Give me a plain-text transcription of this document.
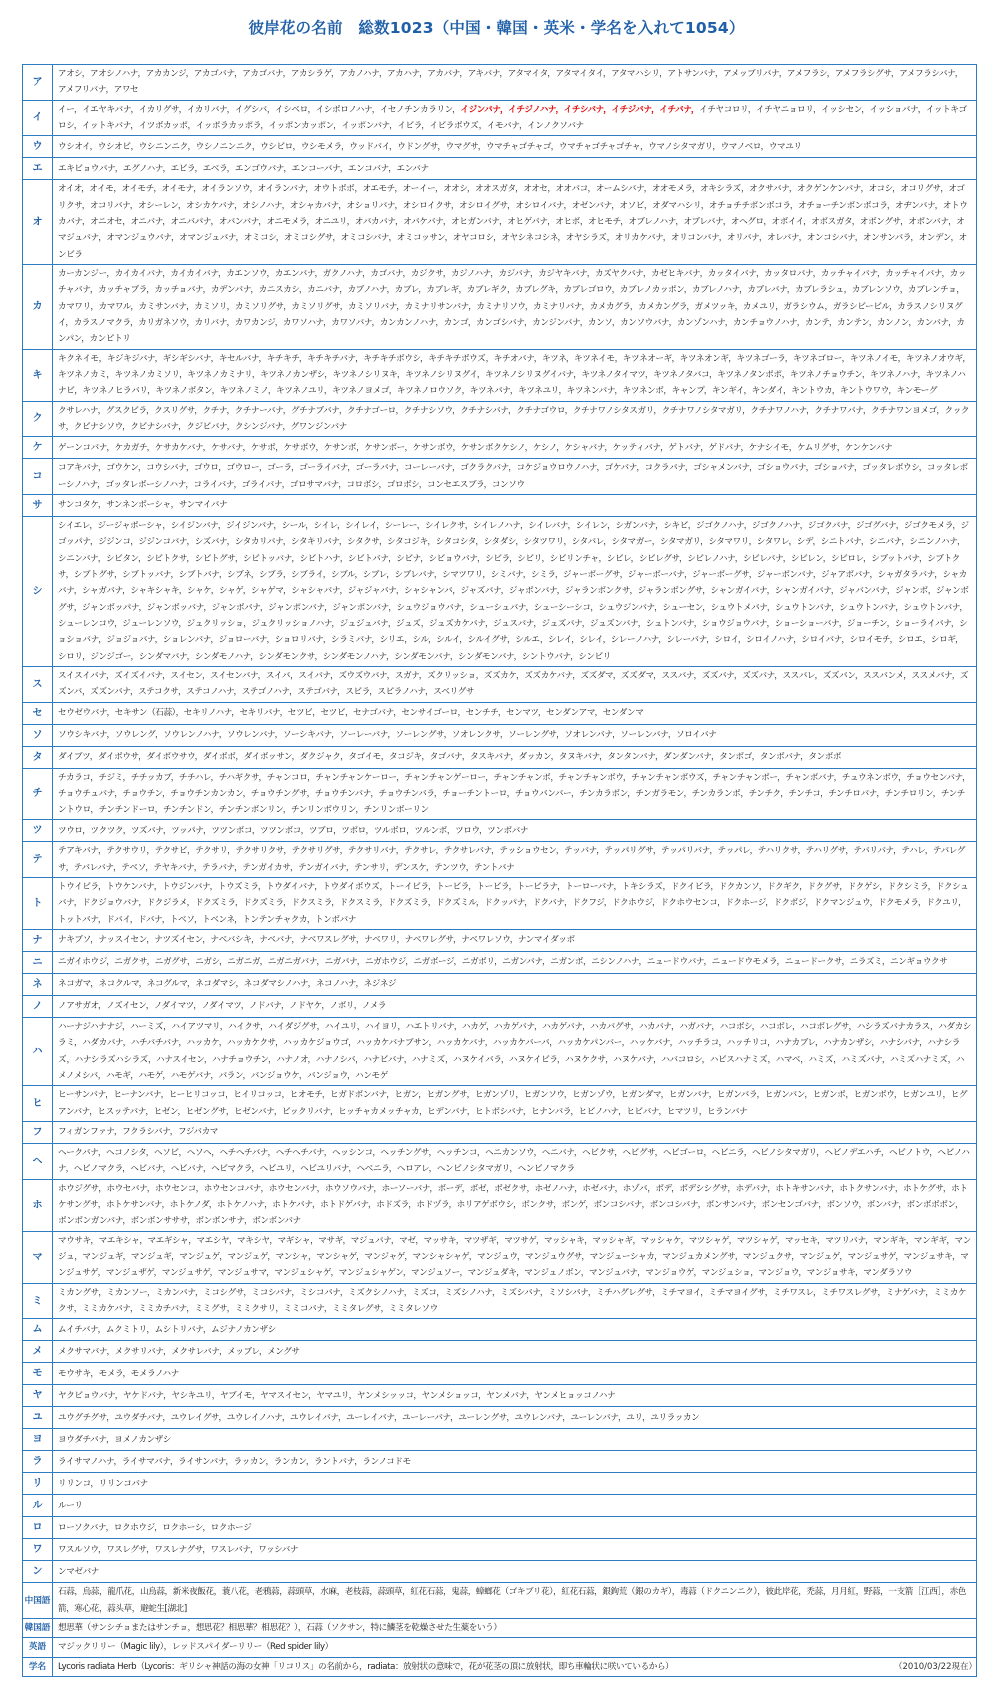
彼岸花の名前　総数1023（中国・韓国・英米・学名を入れて1054）
ア	アオシ，アオシノハナ，アカカンジ，アカゴバナ，アカゴバナ，アカシラゲ，アカノハナ，アカハナ，アカバナ，アキバナ，アタマイタ，アタマイタイ，アタマハシリ，アトサンバナ，アメッブリバナ，アメフラシ，アメフラシグサ，アメフラシバナ，アメフリバナ，アワセ
イ	イー，イエヤキバナ，イカリグサ，イカリバナ，イグシバ，イシベロ，イシボロノハナ，イセノチンカラリン，イジンバナ，イチジノハナ，イチシバナ，イチジバナ，イチバナ，イチヤコロリ，イチヤニョロリ，イッシセン，イッショバナ，イットキゴロシ，イットキバナ，イツボカッポ，イッポラカッポラ，イッポンカッポン，イッポンバナ，イビラ，イビラボウズ，イモバナ，インノクソバナ
ウ	ウシオイ，ウシオビ，ウシニンニク，ウシノニンニク，ウシビロ，ウシモメラ，ウッドバイ，ウドングサ，ウマグサ，ウマチャゴチャゴ，ウマチャゴチャゴチャ，ウマノシタマガリ，ウマノベロ，ウマユリ
エ	エキビョウバナ，エグノハナ，エビラ，エベラ，エンゴウバナ，エンコーバナ，エンコバナ，エンバナ
オ	オイオ，オイモ，オイモチ，オイモナ，オイランソウ，オイランバナ，オウトボボ，オエモチ，オーイー，オオシ，オオスガタ，オオセ，オオバコ，オームシバナ，オオモメラ，オキシラズ，オクサバナ，オクゲンケンバナ，オコシ，オコリグサ，オゴリクサ，オコリバナ，オシーレン，オシカケバナ，オシノハナ，オシャカバナ，オショリバナ，オシロイクサ，オシロイグサ，オシロイバナ，オゼンバナ，オソビ，オダマハシリ，オチョチチボンボコラ，オチョーチンボンボコラ，オヂンバナ，オトウカバナ，オニオセ，オニバナ，オニバパナ，オバンバナ，オニモメラ，オニユリ，オバカバナ，オバケバナ，オヒガンバナ，オヒゲバナ，オヒボ，オヒモチ，オブレノハナ，オブレバナ，オヘグロ，オボイイ，オボスガタ，オボングサ，オボンバナ，オマジュバナ，オマンジュウバナ，オマンジュバナ，オミコシ，オミコシグサ，オミコシバナ，オミコッサン，オヤコロシ，オヤシネコシネ，オヤシラズ，オリカケバナ，オリコンバナ，オリバナ，オレバナ，オンコシバナ，オンサンバラ，オンデン，オンビラ
カ	カーカンジー，カイカイバナ，カイカイバナ，カエンソウ，カエンバナ，ガクノハナ，カゴバナ，カジクサ，カジノハナ，カジバナ，カジヤキバナ，カズヤクバナ，カゼヒキバナ，カッタイバナ，カッタロバナ，カッチャイバナ，カッチャイバナ，カッチャバナ，カッチャブラ，カッチョバナ，カデンバナ，カニスカシ，カニバナ，カブノハナ，カブレ，カブレギ，カブレギク，カブレグキ，カブレゴロウ，カブレノカッポン，カブレノハナ，カブレバナ，カブレラシュ，カブレンソウ，カブレンチョ，カマワリ，カマワル，カミサンバナ，カミソリ，カミソリグサ，カミソリグサ，カミソリバナ，カミナリサンバナ，カミナリソウ，カミナリバナ，カメカグラ，カメカングラ，ガメツッキ，カメユリ，ガラシウム，ガラシビービル，カラスノシリヌグイ，カラスノマクラ，カリガネソウ，カリバナ，カワカンジ，カワソハナ，カワソバナ，カンカンノハナ，カンゴ，カンゴシバナ，カンジンバナ，カンソ，カンソウバナ，カンゾンハナ，カンチョウノハナ，カンテ，カンテン，カンノン，カンバナ，カンパン，カンピトリ
キ	キクネイモ，キジキジバナ，ギシギシバナ，キセルバナ，キチキチ，キチキチバナ，キチキチボウシ，キチキチボウズ，キチオバナ，キツネ，キツネイモ，キツネオーギ，キツネオンギ，キツネゴーラ，キツネゴロー，キツネノイモ，キツネノオウギ，キツネノカミ，キツネノカミソリ，キツネノカミナリ，キツネノカンザシ，キツネノシリヌキ，キツネノシリヌグイ，キツネノシリヌグイバナ，キツネノタイマツ，キツネノタバコ，キツネノタンポポ，キツネノチョウチン，キツネノハナ，キツネノハナビ，キツネノヒラバリ，キツネノボタン，キツネノミノ，キツネノユリ，キツネノヨメゴ，キツネノロウソク，キツネバナ，キツネユリ，キツネンバナ，キツネンボ，キャンプ，キンギイ，キンダイ，キントウカ，キントウワウ，キンモーグ
ク	クサレハナ，グスクビラ，クスリグサ，クチナ，クチナーバナ，グチナブバナ，クチナゴーロ，クチナシソウ，クチナシバナ，クチナゴウロ，クチナワノシタスガリ，クチナワノシタマガリ，クチナワノハナ，クチナワバナ，クチナワンヨメゴ，クックサ，クビナシソウ，クビナシバナ，クジビバナ，クシンジバナ，グワンジンバナ
ケ	ゲーンコバナ，ケカガチ，ケサカケバナ，ケサバナ，ケサボ，ケサボウ，ケサンボ，ケサンボー，ケサンボウ，ケサンボクケシノ，ケシノ，ケシャバナ，ケッティバナ，ゲトバナ，ゲドバナ，ケナシイモ，ケムリグサ，ケンケンバナ
コ	コアキバナ，ゴウケン，コウシバナ，ゴウロ，ゴウロー，ゴーラ，ゴーライバナ，ゴーラバナ，コーレーバナ，ゴクラクバナ，コケジョウロウノハナ，ゴケバナ，コクラバナ，ゴシャメンバナ，ゴショウバナ，ゴショバナ，ゴッタレボウシ，コッタレボーシノハナ，ゴッタレボーシノハナ，コライバナ，ゴライバナ，ゴロサマバナ，コロボシ，ゴロボシ，コンセエスブラ，コンソウ
サ	サンコタケ，サンネンボーシャ，サンマイバナ
シ	シイエレ，ジージャボーシャ，シイジンバナ，ジイジンバナ，シール，シイレ，シイレイ，シーレー，シイレクサ，シイレノハナ，シイレバナ，シイレン，シガンバナ，シキビ，ジゴクノハナ，ジゴクノハナ，ジゴクバナ，ジゴグバナ，ジゴクモメラ，ジゴッパナ，ジジンコ，ジジンコバナ，シズバナ，シタカリバナ，シタキリバナ，シタクサ，シタコジキ，シタコシタ，シタダシ，シタツワリ，シタバレ，シタマガー，シタマガリ，シタマワリ，シタワレ，シデ，シニトバナ，シニバナ，シニンノハナ，シニンバナ，シビタン，シビトクサ，シビトグサ，シビトッバナ，シビトハナ，シビトバナ，シビナ，シビョウバナ，シビラ，シビリ，シビリンチャ，シビレ，シビレグサ，シビレノハナ，シビレバナ，シビレン，シビロレ，シブットバナ，シブトクサ，シブトグサ，シブトッバナ，シブトバナ，シブネ，シブラ，シブライ，シブル，シブレ，シブレバナ，シマツワリ，シミバナ，シミラ，ジャーボーグサ，ジャーボーバナ，ジャーボーグサ，ジャーボンバナ，ジャアボバナ，シャガタラバナ，シャカバナ，シャガバナ，シャキシャキ，シャケ，シャゲ，シャゲマ，シャシャバナ，ジャジャバナ，シャシャンバ，ジャズバナ，ジャボンバナ，ジャランボンクサ，ジャランボングサ，シャンガイバナ，シャンガイバナ，ジャバンバナ，ジャンボ，ジャンボグサ，ジャンボッパナ，ジャンボッバナ，ジャンボバナ，ジャンポンバナ，ジャンポンバナ，シュウジョウバナ，シューシュバナ，シューシーシコ，シュウジンバナ，シューセン，シュウトメバナ，シュウトンバナ，シュウトンバナ，シュウトンバナ，シューレンコウ，ジューレンソウ，ジュクリッショ，ジュクリッショノハナ，ジュジュバナ，ジュズ，ジュズカケバナ，ジュスバナ，ジュズバナ，ジュズンバナ，シュトンバナ，ショウジョウバナ，ショーショーバナ，ジョーチン，ショーライバナ，ショショバナ，ジョジョバナ，ショレンバナ，ジョローバナ，ショロリバナ，シラミバナ，シリエ，シル，シルイ，シルイグサ，シルエ，シレイ，シレイ，シレーノハナ，シレーバナ，シロイ，シロイノハナ，シロイバナ，シロイモチ，シロエ，シロギ，シロリ，ジンジゴー，シンダマバナ，シンダモノハナ，シンダモンクサ，シンダモンノハナ，シンダモンバナ，シンダモンバナ，シントウバナ，シンビリ
ス	スイスイバナ，ズイズイバナ，スイセン，スイセンバナ，スイバ，スイバナ，ズウズウバナ，スガナ，ズクリッショ，ズズカケ，ズズカケバナ，ズズダマ，ズズダマ，ススバナ，ズズバナ，ズズバナ，ススバレ，ズズバン，ススバンメ，ススメバナ，ズズンバ，ズズンバナ，ステコクサ，ステコノハナ，ステゴノハナ，ステゴバナ，スビラ，スピラノハナ，スベリグサ
セ	セウゼウバナ，セキサン（石蒜），セキリノハナ，セキリバナ，セツビ，セツビ，セナゴバナ，センサイゴーロ，センチチ，センマツ，センダンアマ，センダンマ
ソ	ソウシキバナ，ソウレング，ソウレンノハナ，ソウレンバナ，ソーシキバナ，ソーレーバナ，ソーレングサ，ソオレンクサ，ソーレングサ，ソオレンバナ，ソーレンバナ，ソロイバナ
タ	ダイブツ，ダイボウサ，ダイボウサウ，ダイボボ，ダイボッサン，ダクジャク，タゴイモ，タコジキ，タゴバナ，タスキバナ，ダッカン，タヌキバナ，タンタンバナ，ダンダンバナ，タンボゴ，タンボバナ，タンボボ
チ	チカラコ，チジミ，チチッカブ，チチハレ，チハギクサ，チャンコロ，チャンチャンケーロー，チャンチャンゲーロー，チャンチャンボ，チャンチャンボウ，チャンチャンボウズ，チャンチャンボー，チャンボバナ，チュウネンボウ，チョウセンバナ，チョウチュバナ，チョウチン，チョウチンカンカン，チョウチングサ，チョウチンバナ，チョウチンバラ，チョーチントーロ，チョウバンバー，チンカラボン，チンガラモン，チンカランボ，チンチク，チンチコ，チンチロバナ，チンチロリン，チンチントウロ，チンチンドーロ，チンチンドン，チンチンボンリン，チンリンボウリン，チンリンボーリン
ツ	ツウロ，ツクツク，ツズバナ，ツッパナ，ツツンボコ，ツツンボコ，ツブロ，ツボロ，ツルボロ，ツルンボ，ツロウ，ツンボバナ
テ	テアキバナ，テクサウリ，テクサビ，テクサリ，テクサリクサ，テクサリグサ，テクサリバナ，テクサレ，テクサレバナ，テッショウセン，テッバナ，テッパリグサ，テッパリバナ，テッパレ，テハリクサ，テハリグサ，テバリバナ，テハレ，テバレグサ，テバレバナ，テベソ，テヤキバナ，テラバナ，テンガイカサ，テンガイバナ，テンサリ，デンスケ，テンツウ，テントバナ
ト	トウイビラ，トウケンバナ，トウジンバナ，トウズミラ，トウダイバナ，トウダイボウズ，トーイビラ，トービラ，トービラ，トービラナ，トーローバナ，トキシラズ，ドクイビラ，ドクカンソ，ドクギク，ドクグサ，ドクゲシ，ドクシミラ，ドクシュバナ，ドクジョウバナ，ドクジラメ，ドクズミラ，ドクズミラ，ドクスミラ，ドクスミラ，ドクズミラ，ドクズミル，ドクッパナ，ドクバナ，ドクフジ，ドクホウジ，ドクホウセンコ，ドクホージ，ドクボジ，ドクマンジュウ，ドクモメラ，ドクユリ，トットバナ，ドバイ，ドバナ，トベソ，トベンネ，トンテンチャクカ，トンボバナ
ナ	ナキブソ，ナッスイセン，ナツズイセン，ナベバシキ，ナベバナ，ナベワスレグサ，ナベワリ，ナベワレグサ，ナベワレソウ，ナンマイダッボ
ニ	ニガイホウジ，ニガクサ，ニガグサ，ニガシ，ニガニガ，ニガニガバナ，ニガバナ，ニガホウジ，ニガボージ，ニガボリ，ニガンバナ，ニガンボ，ニシンノハナ，ニュードウバナ，ニュードウモメラ，ニュードークサ，ニラズミ，ニンギョウクサ
ネ	ネコガマ，ネコクルマ，ネコグルマ，ネコダマシ，ネコダマシノハナ，ネコノハナ，ネジネジ
ノ	ノアサガオ，ノズイセン，ノダイマツ，ノダイマツ，ノドバナ，ノドヤケ，ノボリ，ノメラ
ハ	ハーナジハナナジ，ハーミズ，ハイアツマリ，ハイクサ，ハイダジグサ，ハイユリ，ハイヨリ，ハエトリバナ，ハカゲ，ハカゲバナ，ハカゲバナ，ハカバグサ，ハカバナ，ハガバナ，ハコボシ，ハコボレ，ハコボレグサ，ハシラズバナカラス，ハダカシラミ，ハダカバナ，ハチバチバナ，ハッカケ，ハッカケクサ，ハッカケジョウゴ，ハッカケバナブサン，ハッカケバナ，ハッカケバーバ，ハッカケパンバー，ハッケバナ，ハッチラコ，ハッチリコ，ハナカブレ，ハナカンザシ，ハナシバナ，ハナシラズ，ハナシラズハシラズ，ハナスイセン，ハナチョウチン，ハナノオ，ハナノシバ，ハナビバナ，ハナミズ，ハヌケイバラ，ハヌケイビラ，ハヌケクサ，ハヌケバナ，ハバコロシ，ハビスハナミズ，ハマベ，ハミズ，ハミズバナ，ハミズハナミズ，ハメノメシバ，ハモギ，ハモゲ，ハモゲバナ，バラン，バンジョウケ，バンジョウ，ハンモゲ
ヒ	ヒーサンバナ，ヒーナンバナ，ヒーヒリコッコ，ヒイリコッコ，ヒオモチ，ヒガドボンバナ，ヒガン，ヒガングサ，ヒガンゾリ，ヒガンソウ，ヒガンゾウ，ヒガンダマ，ヒガンバナ，ヒガンバラ，ヒガンバン，ヒガンボ，ヒガンボウ，ヒガンユリ，ヒグアンバナ，ヒスッテバナ，ヒゼン，ヒゼングサ，ヒゼンバナ，ビックリバナ，ヒッチャカメッチャカ，ヒデンバナ，ヒトボシバナ，ヒナンバラ，ヒビノハナ，ヒビバナ，ヒマツリ，ヒランバナ
フ	フィガンファナ，フクラシバナ，フジバカマ
ヘ	ヘークバナ，ヘコノシタ，ヘソビ，ヘソヘ，ヘチヘチバナ，ヘチヘチバナ，ヘッシンコ，ヘッチングサ，ヘッチンコ，ヘニカンソウ，ヘニバナ，ヘビクサ，ヘビグサ，ヘビゴーロ，ヘビニラ，ヘビノシタマガリ，ヘビノデエハチ，ヘビノトウ，ヘビノハナ，ヘビノマクラ，ヘビバナ，ヘビバナ，ヘビマクラ，ヘビユリ，ヘビユリバナ，ヘベニラ，ヘロアレ，ヘンビノシタマガリ，ヘンビノマクラ
ホ	ホウジグサ，ホウセバナ，ホウセンコ，ホウセンコバナ，ホウセンバナ，ホウソウバナ，ホーソーバナ，ボーデ，ボゼ，ボゼクサ，ホゼノハナ，ホゼバナ，ホゾバ，ボデ，ボデシシグサ，ホデバナ，ホトキサンバナ，ホトクサンバナ，ホトケグサ，ホトケサングサ，ホトケサンバナ，ホトケノダ，ホトケノハナ，ホトケバナ，ホトドゲバナ，ホドズラ，ホドヅラ，ホリアゲボウシ，ボンクサ，ボンゲ，ボンコシバナ，ボンコシバナ，ボンサンバナ，ボンセンゴバナ，ボンソウ，ボンバナ，ボンボボボン，ボンボンガンバナ，ボンボンサササ，ボンボンサナ，ボンボンバナ
マ	マウサキ，マエキシャ，マエギシャ，マエシヤ，マキシヤ，マギシャ，マサギ，マジュバナ，マゼ，マッサキ，マツザギ，マツサゲ，マッシャキ，マッシャギ，マッシャケ，マツシャゲ，マツシャゲ，マッセキ，マツリバナ，マンギキ，マンギギ，マンジュ，マンジュギ，マンジュギ，マンジュゲ，マンジュゲ，マンシャ，マンシャゲ，マンジャゲ，マンシャシャゲ，マンジュウ，マンジュウグサ，マンジューシャカ，マンジュカメングサ，マンジュクサ，マンジュゲ，マンジュサゲ，マンジュサキ，マンジュサゲ，マンジュザゲ，マンジュサゲ，マンジュサマ，マンジュシャゲ，マンジュシャゲン，マンジュソー，マンジュダキ，マンジュノボン，マンジュバナ，マンジョウゲ，マンジュショ，マンジョウ，マンジョサキ，マンダラソウ
ミ	ミカングサ，ミカンソー，ミカンバナ，ミコシグサ，ミコシバナ，ミシコバナ，ミズクシノハナ，ミズコ，ミズシノハナ，ミズシバナ，ミソシバナ，ミチハグレグサ，ミチマヨイ，ミチマヨイグサ，ミチワスレ，ミチワスレグサ，ミナゲバナ，ミミカケクサ，ミミカケバナ，ミミカチバナ，ミミグサ，ミミクサリ，ミミコバナ，ミミタレグサ，ミミタレソウ
ム	ムイチバナ，ムクミトリ，ムシトリバナ，ムジナノカンザシ
メ	メクサマバナ，メクサリバナ，メクサレバナ，メッブレ，メングサ
モ	モウサキ，モメラ，モメラノハナ
ヤ	ヤクビョウバナ，ヤケドバナ，ヤシキユリ，ヤブイモ，ヤマスイセン，ヤマユリ，ヤンメシッッコ，ヤンメショッコ，ヤンメバナ，ヤンメヒョッコノハナ
ユ	ユウグチグサ，ユウダチバナ，ユウレイグサ，ユウレイノハナ，ユウレイバナ，ユーレイバナ，ユーレーバナ，ユーレングサ，ユウレンバナ，ユーレンバナ，ユリ，ユリラッカン
ヨ	ヨウダチバナ，ヨメノカンザシ
ラ	ライサマノハナ，ライサマバナ，ライサンバナ，ラッカン，ランカン，ラントバナ，ランノコドモ
リ	リリンコ，リリンコバナ
ル	ルーリ
ロ	ローソクバナ，ロクホウジ，ロクホーシ，ロクホージ
ワ	ワスルソウ，ワスレグサ，ワスレナグサ，ワスレバナ，ワッシバナ
ン	ンマゼバナ
中国語	石蒜，烏蒜，龍爪花，山烏蒜，新米夜飯花，蓑八花，老鴉蒜，蒜頭草，水麻，老枝蒜，蒜頭草，紅花石蒜，鬼蒜，蟑螂花（ゴキブリ花），紅花石蒜，銀鉤荒（銀のカギ），毒蒜（ドクニンニク），彼此岸花，禿蒜，月月紅，野蒜，一支箭［江西］，赤色箭，寒心花，蒜头草，避蛇生[湖北]
韓国語	想思華（サンシチョまたはサンチョ，想思花？相思華？相思花？），石蒜（ソクサン，特に鱗茎を乾燥させた生薬をいう）
英語	マジックリリー（Magic lily），レッドスパイダーリリー（Red spider lily）
学名	Lycoris radiata Herb（Lycoris：ギリシャ神話の海の女神「リコリス」の名前から，radiata：放射状の意味で，花が花茎の頂に放射状，即ち車輪状に咲いているから）	（2010/03/22現在）
